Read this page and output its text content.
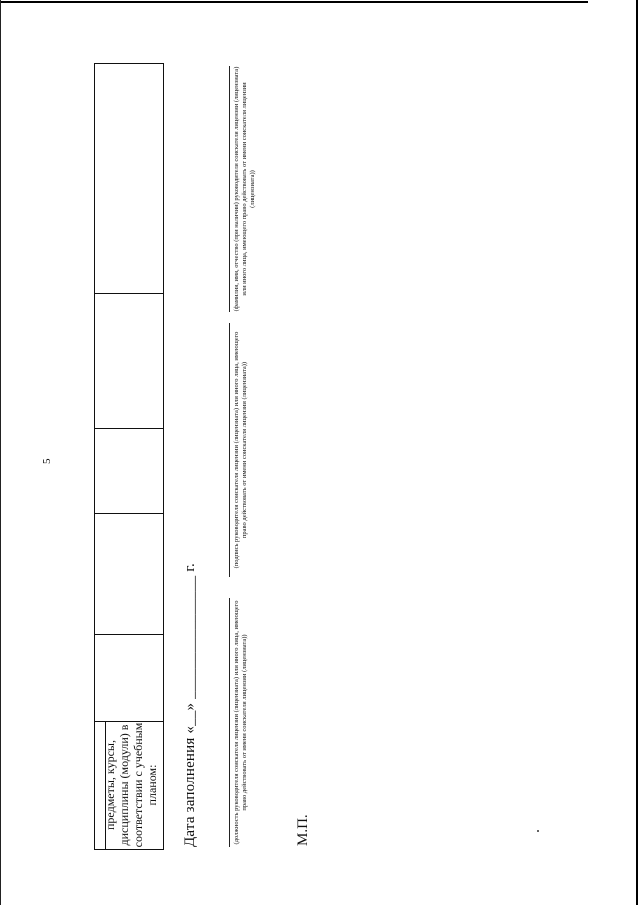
5
предметы, курсы, дисциплины (модули) в соответствии с учебным планом: Дата заполнения «__» ________________ г.	(должность руководителя соискателя лицензии (лицензиата) или иного лица, имеющего право действовать от имени соискателя лицензии (лицензиата))
(подпись руководителя соискателя лицензии (лицензиата) или иного лица, имеющего право действовать от имени соискателя лицензии (лицензиата))
(фамилия, имя, отчество (при наличии) руководителя соискателя лицензии (лицензиата) или иного лица, имеющего право действовать от имени соискателя лицензии (лицензиата))
М.П.
